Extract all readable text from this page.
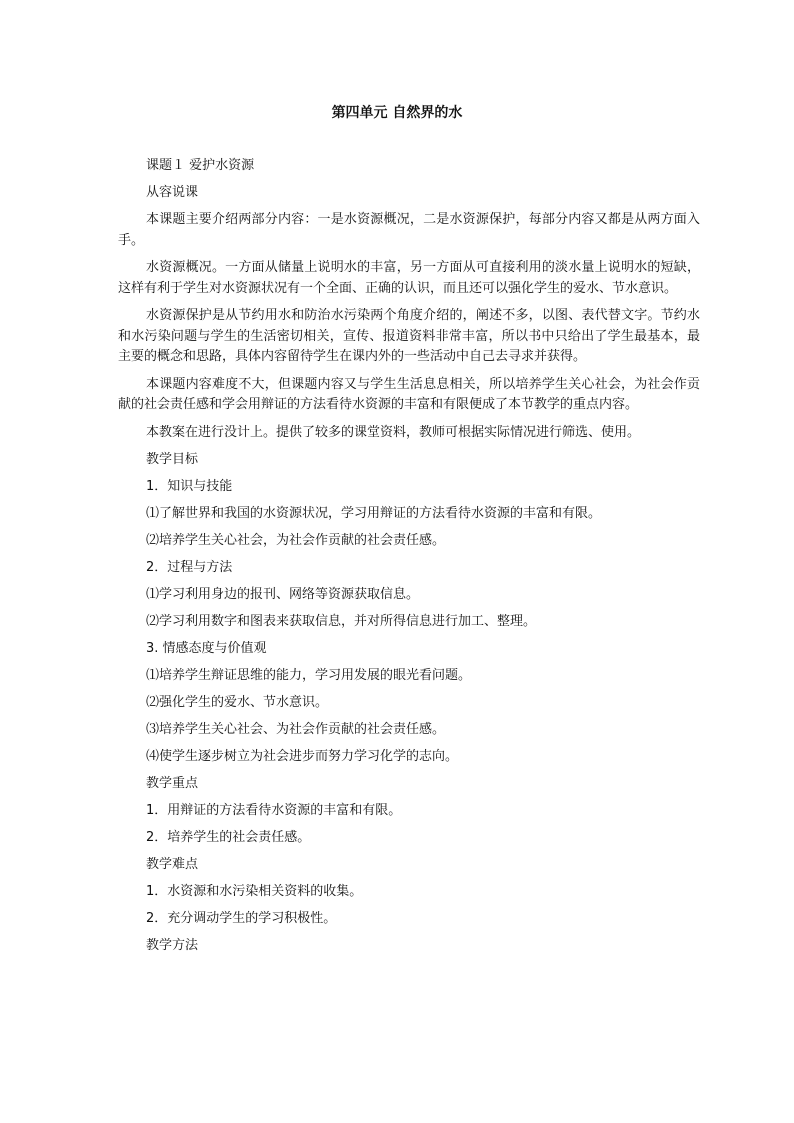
第四单元 自然界的水
课题１ 爱护水资源
从容说课

本课题主要介绍两部分内容：一是水资源概况，二是水资源保护，每部分内容又都是从两方面入手。

水资源概况。一方面从储量上说明水的丰富，另一方面从可直接利用的淡水量上说明水的短缺，这样有利于学生对水资源状况有一个全面、正确的认识，而且还可以强化学生的爱水、节水意识。

水资源保护是从节约用水和防治水污染两个角度介绍的，阐述不多，以图、表代替文字。节约水和水污染问题与学生的生活密切相关，宣传、报道资料非常丰富，所以书中只给出了学生最基本，最主要的概念和思路，具体内容留待学生在课内外的一些活动中自己去寻求并获得。

本课题内容难度不大，但课题内容又与学生生活息息相关，所以培养学生关心社会，为社会作贡献的社会责任感和学会用辩证的方法看待水资源的丰富和有限便成了本节教学的重点内容。

本教案在进行没计上。提供了较多的课堂资料，教师可根据实际情况进行筛选、使用。

教学目标
1．知识与技能
⑴了解世界和我国的水资源状况，学习用辩证的方法看待水资源的丰富和有限。
⑵培养学生关心社会，为社会作贡献的社会责任感。
2．过程与方法
⑴学习利用身边的报刊、网络等资源获取信息。
⑵学习利用数字和图表来获取信息，并对所得信息进行加工、整理。
3. 情感态度与价值观
⑴培养学生辩证思维的能力，学习用发展的眼光看问题。
⑵强化学生的爱水、节水意识。
⑶培养学生关心社会、为社会作贡献的社会责任感。
⑷使学生逐步树立为社会进步而努力学习化学的志向。
教学重点
1．用辩证的方法看待水资源的丰富和有限。
2．培养学生的社会责任感。
教学难点
1．水资源和水污染相关资料的收集。
2．充分调动学生的学习积极性。
教学方法
